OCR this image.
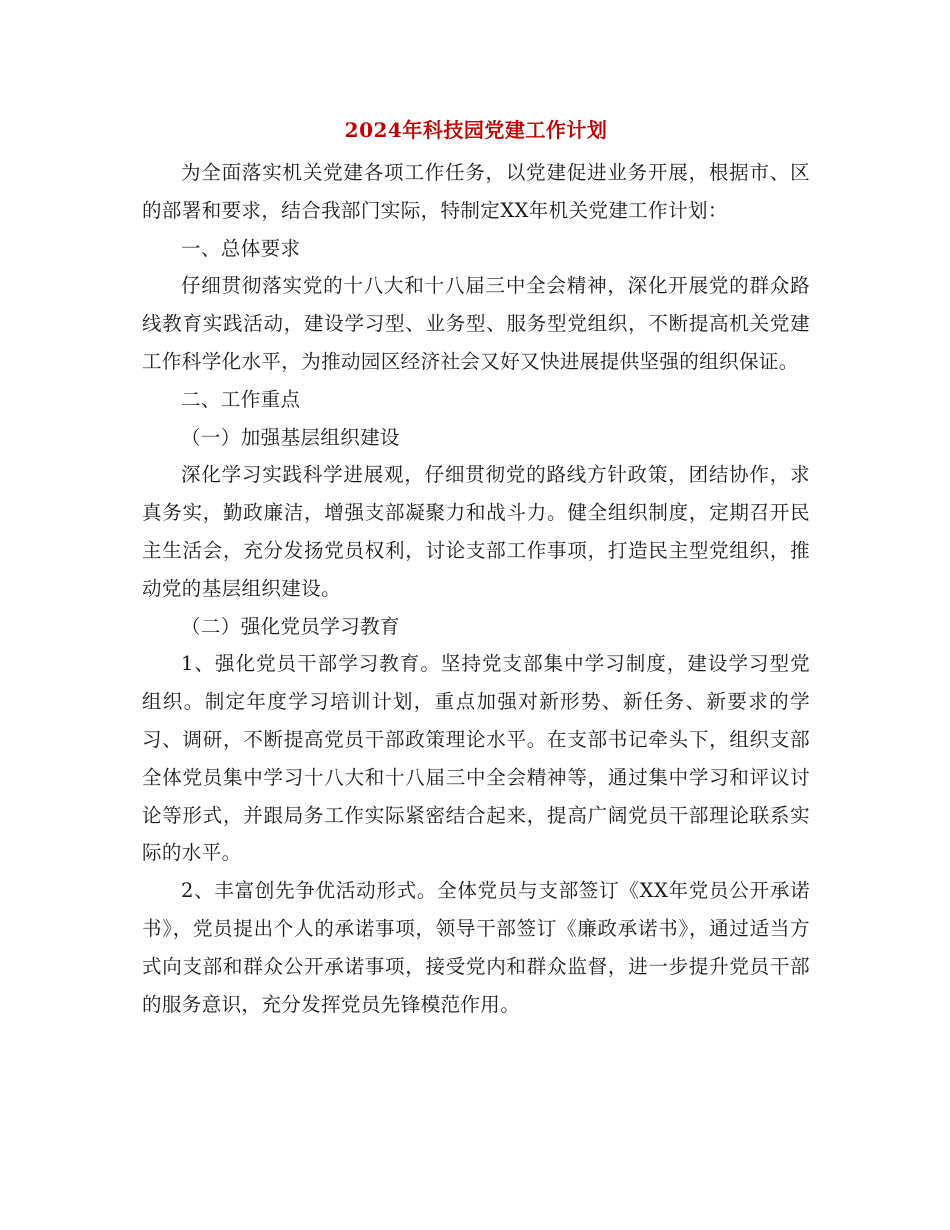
2024年科技园党建工作计划

为全面落实机关党建各项工作任务，以党建促进业务开展，根据市、区的部署和要求，结合我部门实际，特制定XX年机关党建工作计划：

一、总体要求

仔细贯彻落实党的十八大和十八届三中全会精神，深化开展党的群众路线教育实践活动，建设学习型、业务型、服务型党组织，不断提高机关党建工作科学化水平，为推动园区经济社会又好又快进展提供坚强的组织保证。

二、工作重点

（一）加强基层组织建设

深化学习实践科学进展观，仔细贯彻党的路线方针政策，团结协作，求真务实，勤政廉洁，增强支部凝聚力和战斗力。健全组织制度，定期召开民主生活会，充分发扬党员权利，讨论支部工作事项，打造民主型党组织，推动党的基层组织建设。

（二）强化党员学习教育

1、强化党员干部学习教育。坚持党支部集中学习制度，建设学习型党组织。制定年度学习培训计划，重点加强对新形势、新任务、新要求的学习、调研，不断提高党员干部政策理论水平。在支部书记牵头下，组织支部全体党员集中学习十八大和十八届三中全会精神等，通过集中学习和评议讨论等形式，并跟局务工作实际紧密结合起来，提高广阔党员干部理论联系实际的水平。

2、丰富创先争优活动形式。全体党员与支部签订《XX年党员公开承诺书》，党员提出个人的承诺事项，领导干部签订《廉政承诺书》，通过适当方式向支部和群众公开承诺事项，接受党内和群众监督，进一步提升党员干部的服务意识，充分发挥党员先锋模范作用。
